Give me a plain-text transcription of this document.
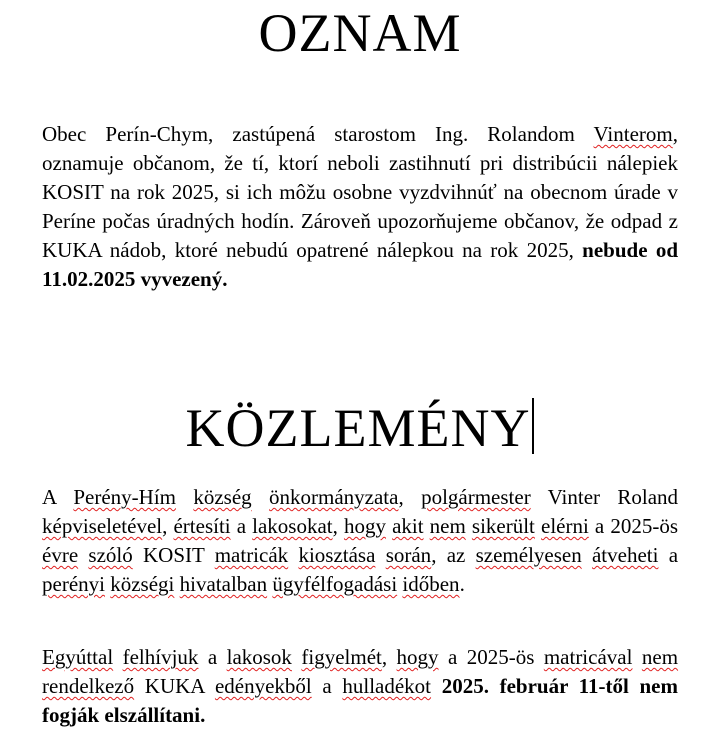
OZNAM

Obec Perín-Chym, zastúpená starostom Ing. Rolandom Vinterom, oznamuje občanom, že tí, ktorí neboli zastihnutí pri distribúcii nálepiek KOSIT na rok 2025, si ich môžu osobne vyzdvihnúť na obecnom úrade v Períne počas úradných hodín. Zároveň upozorňujeme občanov, že odpad z KUKA nádob, ktoré nebudú opatrené nálepkou na rok 2025, nebude od 11.02.2025 vyvezený.

KÖZLEMÉNY

A Perény-Hím község önkormányzata, polgármester Vinter Roland képviseletével, értesíti a lakosokat, hogy akit nem sikerült elérni a 2025-ös évre szóló KOSIT matricák kiosztása során, az személyesen átveheti a perényi községi hivatalban ügyfélfogadási időben.

Egyúttal felhívjuk a lakosok figyelmét, hogy a 2025-ös matricával nem rendelkező KUKA edényekből a hulladékot 2025. február 11-től nem fogják elszállítani.
